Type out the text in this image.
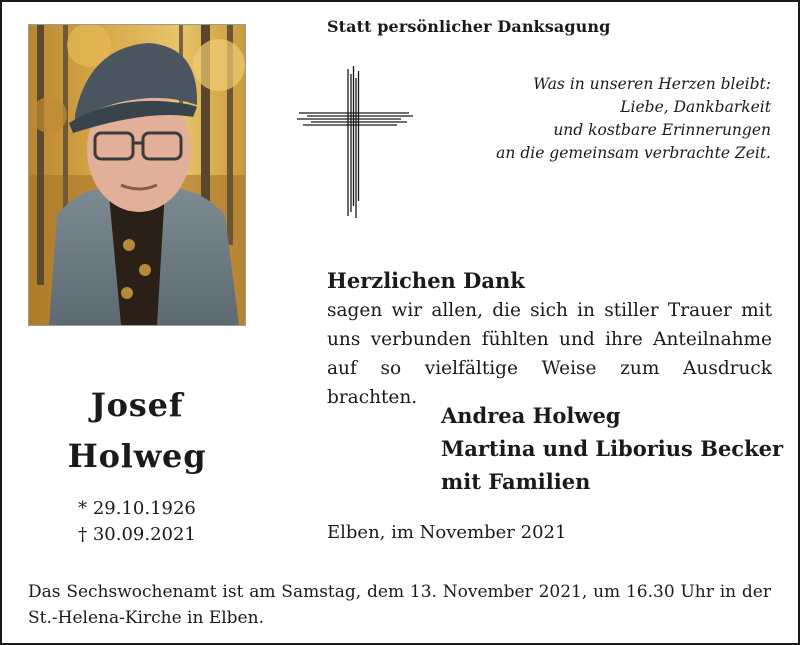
Statt persönlicher Danksagung
Was in unseren Herzen bleibt:
Liebe, Dankbarkeit
und kostbare Erinnerungen
an die gemeinsam verbrachte Zeit.
Herzlichen Dank
sagen wir allen, die sich in stiller Trauer mit uns verbunden fühlten und ihre Anteilnahme auf so vielfältige Weise zum Ausdruck brachten.
Josef
Holweg
* 29.10.1926
† 30.09.2021
Andrea Holweg
Martina und Liborius Becker
mit Familien
Elben, im November 2021
Das Sechswochenamt ist am Samstag, dem 13. November 2021, um 16.30 Uhr in der St.-Helena-Kirche in Elben.
